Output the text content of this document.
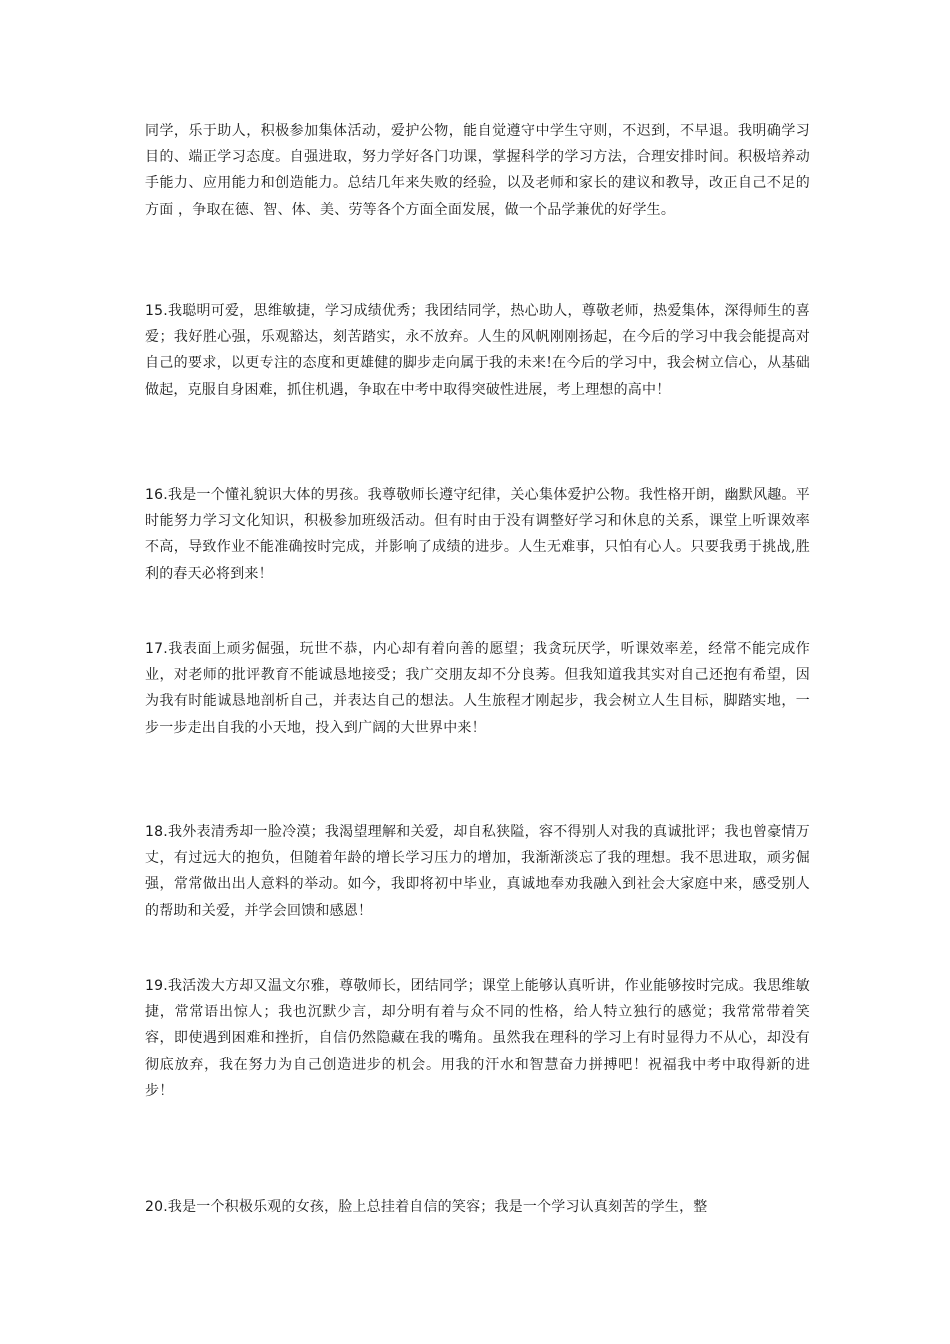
同学，乐于助人，积极参加集体活动，爱护公物，能自觉遵守中学生守则，不迟到，不早退。我明确学习目的、端正学习态度。自强进取，努力学好各门功课，掌握科学的学习方法，合理安排时间。积极培养动手能力、应用能力和创造能力。总结几年来失败的经验，以及老师和家长的建议和教导，改正自己不足的方面 ，争取在德、智、体、美、劳等各个方面全面发展，做一个品学兼优的好学生。

15.我聪明可爱，思维敏捷，学习成绩优秀；我团结同学，热心助人，尊敬老师，热爱集体，深得师生的喜爱；我好胜心强，乐观豁达，刻苦踏实，永不放弃。人生的风帆刚刚扬起，在今后的学习中我会能提高对自己的要求，以更专注的态度和更雄健的脚步走向属于我的未来!在今后的学习中，我会树立信心，从基础做起，克服自身困难，抓住机遇，争取在中考中取得突破性进展，考上理想的高中！

16.我是一个懂礼貌识大体的男孩。我尊敬师长遵守纪律，关心集体爱护公物。我性格开朗，幽默风趣。平时能努力学习文化知识，积极参加班级活动。但有时由于没有调整好学习和休息的关系，课堂上听课效率不高，导致作业不能准确按时完成，并影响了成绩的进步。人生无难事，只怕有心人。只要我勇于挑战,胜利的春天必将到来！

17.我表面上顽劣倔强，玩世不恭，内心却有着向善的愿望；我贪玩厌学，听课效率差，经常不能完成作业，对老师的批评教育不能诚恳地接受；我广交朋友却不分良莠。但我知道我其实对自己还抱有希望，因为我有时能诚恳地剖析自己，并表达自己的想法。人生旅程才刚起步，我会树立人生目标，脚踏实地，一步一步走出自我的小天地，投入到广阔的大世界中来！

18.我外表清秀却一脸冷漠；我渴望理解和关爱，却自私狭隘，容不得别人对我的真诚批评；我也曾豪情万丈，有过远大的抱负，但随着年龄的增长学习压力的增加，我渐渐淡忘了我的理想。我不思进取，顽劣倔强，常常做出出人意料的举动。如今，我即将初中毕业，真诚地奉劝我融入到社会大家庭中来，感受别人的帮助和关爱，并学会回馈和感恩！

19.我活泼大方却又温文尔雅，尊敬师长，团结同学；课堂上能够认真听讲，作业能够按时完成。我思维敏捷，常常语出惊人；我也沉默少言，却分明有着与众不同的性格，给人特立独行的感觉；我常常带着笑容，即使遇到困难和挫折，自信仍然隐藏在我的嘴角。虽然我在理科的学习上有时显得力不从心，却没有彻底放弃，我在努力为自己创造进步的机会。用我的汗水和智慧奋力拼搏吧！祝福我中考中取得新的进步！

20.我是一个积极乐观的女孩，脸上总挂着自信的笑容；我是一个学习认真刻苦的学生，整
